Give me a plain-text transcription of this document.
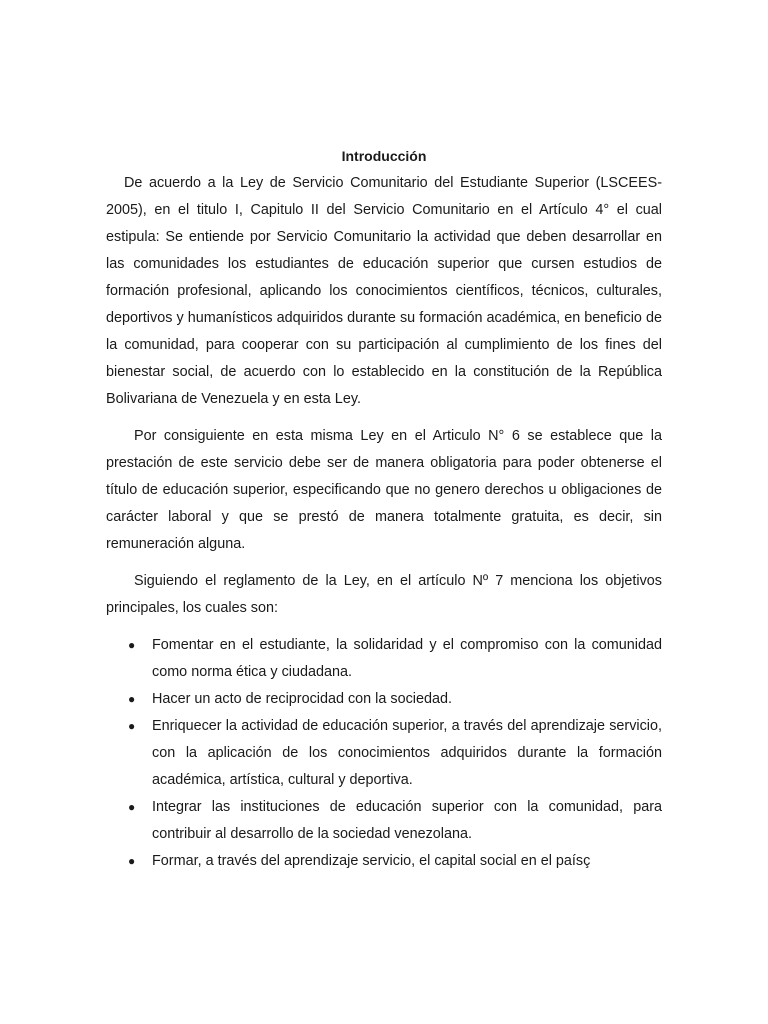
Introducción

De acuerdo a la Ley de Servicio Comunitario del Estudiante Superior (LSCEES-2005), en el titulo I, Capitulo II del Servicio Comunitario en el Artículo 4° el cual estipula: Se entiende por Servicio Comunitario la actividad que deben desarrollar en las comunidades los estudiantes de educación superior que cursen estudios de formación profesional, aplicando los conocimientos científicos, técnicos, culturales, deportivos y humanísticos adquiridos durante su formación académica, en beneficio de la comunidad, para cooperar con su participación al cumplimiento de los fines del bienestar social, de acuerdo con lo establecido en la constitución de la República Bolivariana de Venezuela y en esta Ley.

Por consiguiente en esta misma Ley en el Articulo N° 6 se establece que la prestación de este servicio debe ser de manera obligatoria para poder obtenerse el título de educación superior, especificando que no genero derechos u obligaciones de carácter laboral y que se prestó de manera totalmente gratuita, es decir, sin remuneración alguna.

Siguiendo el reglamento de la Ley, en el artículo Nº 7 menciona los objetivos principales, los cuales son:

● Fomentar en el estudiante, la solidaridad y el compromiso con la comunidad como norma ética y ciudadana.
● Hacer un acto de reciprocidad con la sociedad.
● Enriquecer la actividad de educación superior, a través del aprendizaje servicio, con la aplicación de los conocimientos adquiridos durante la formación académica, artística, cultural y deportiva.
● Integrar las instituciones de educación superior con la comunidad, para contribuir al desarrollo de la sociedad venezolana.
● Formar, a través del aprendizaje servicio, el capital social en el paísç
